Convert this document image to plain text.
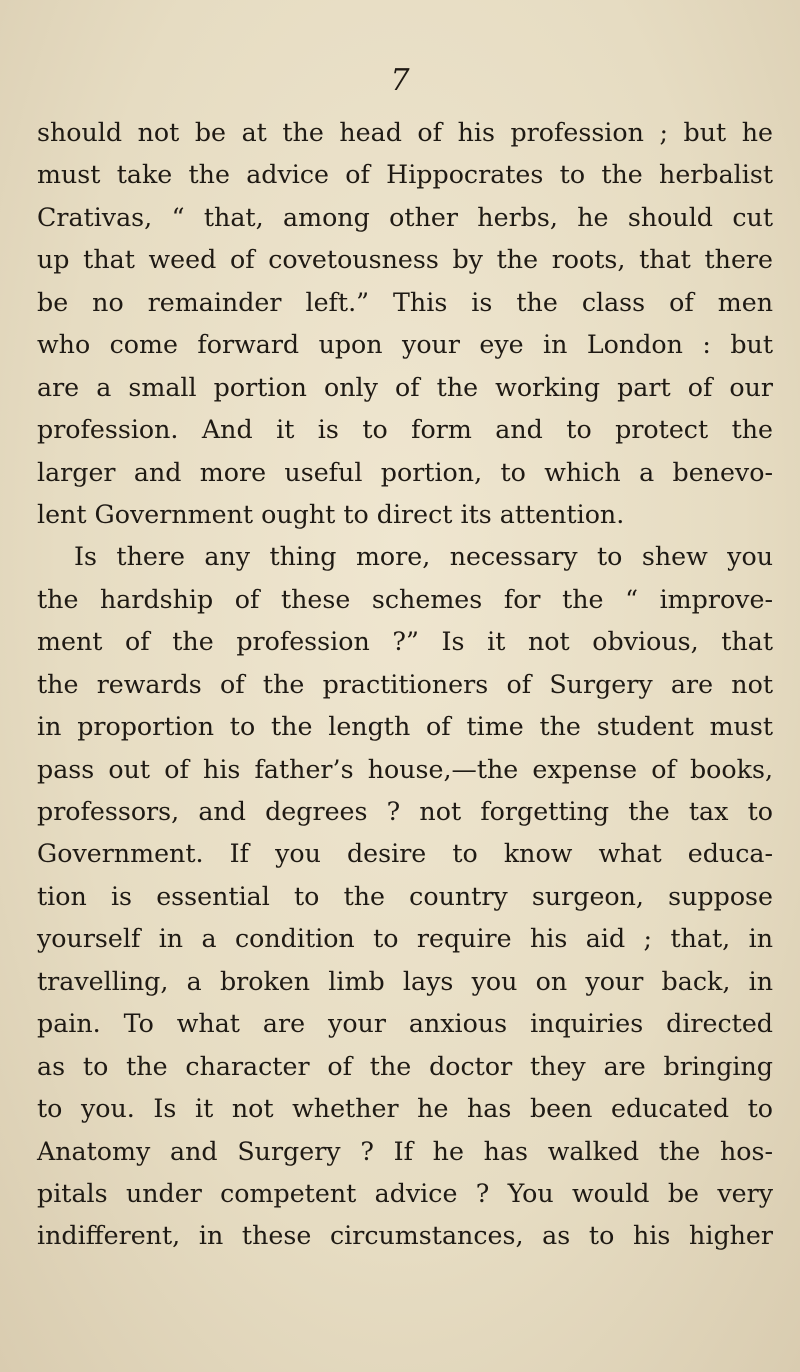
7
should not be at the head of his profession ; but he
must take the advice of Hippocrates to the herbalist
Crativas, “ that, among other herbs, he should cut
up that weed of covetousness by the roots, that there
be no remainder left.” This is the class of men
who come forward upon your eye in London : but
are a small portion only of the working part of our
profession. And it is to form and to protect the
larger and more useful portion, to which a benevo-
lent Government ought to direct its attention.
Is there any thing more, necessary to shew you
the hardship of these schemes for the “ improve-
ment of the profession ?” Is it not obvious, that
the rewards of the practitioners of Surgery are not
in proportion to the length of time the student must
pass out of his father’s house,—the expense of books,
professors, and degrees ? not forgetting the tax to
Government. If you desire to know what educa-
tion is essential to the country surgeon, suppose
yourself in a condition to require his aid ; that, in
travelling, a broken limb lays you on your back, in
pain. To what are your anxious inquiries directed
as to the character of the doctor they are bringing
to you. Is it not whether he has been educated to
Anatomy and Surgery ? If he has walked the hos-
pitals under competent advice ? You would be very
indifferent, in these circumstances, as to his higher
